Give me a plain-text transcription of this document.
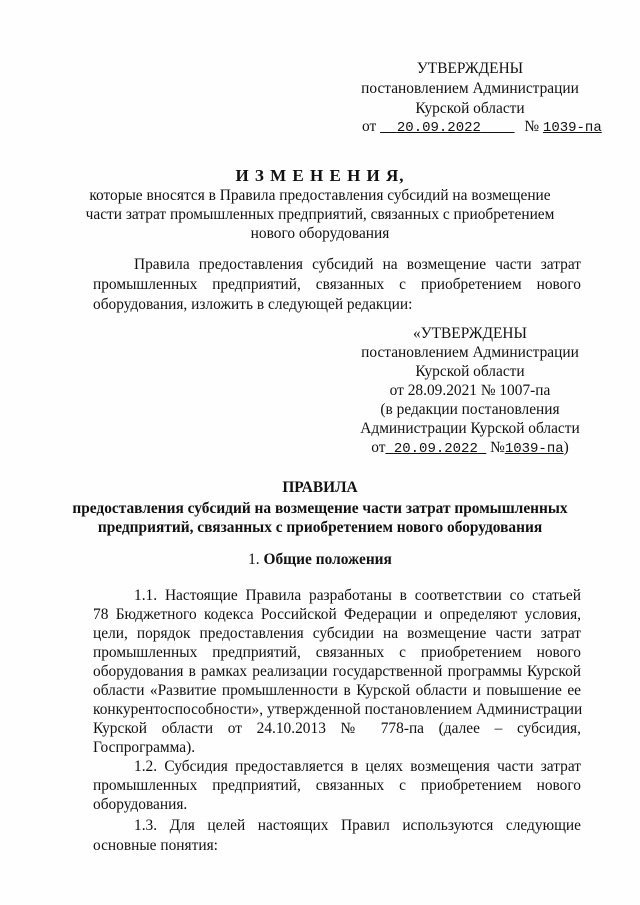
УТВЕРЖДЕНЫ
постановлением Администрации
Курской области
от 20.09.2022	№ 1039-па
И З М Е Н Е Н И Я,
которые вносятся в Правила предоставления субсидий на возмещение
части затрат промышленных предприятий, связанных с приобретением
нового оборудования
Правила предоставления субсидий на возмещение части затрат
промышленных предприятий, связанных с приобретением нового
оборудования, изложить в следующей редакции:
«УТВЕРЖДЕНЫ
постановлением Администрации
Курской области
от 28.09.2021 № 1007-па
(в редакции постановления
Администрации Курской области
от 20.09.2022 №1039-па)
ПРАВИЛА
предоставления субсидий на возмещение части затрат промышленных
предприятий, связанных с приобретением нового оборудования
1. Общие положения
1.1. Настоящие Правила разработаны в соответствии со статьей
78 Бюджетного кодекса Российской Федерации и определяют условия,
цели, порядок предоставления субсидии на возмещение части затрат
промышленных предприятий, связанных с приобретением нового
оборудования в рамках реализации государственной программы Курской
области «Развитие промышленности в Курской области и повышение ее
конкурентоспособности», утвержденной постановлением Администрации
Курской области от 24.10.2013 № 778-па (далее – субсидия,
Госпрограмма).
1.2. Субсидия предоставляется в целях возмещения части затрат
промышленных предприятий, связанных с приобретением нового
оборудования.
1.3. Для целей настоящих Правил используются следующие
основные понятия:
